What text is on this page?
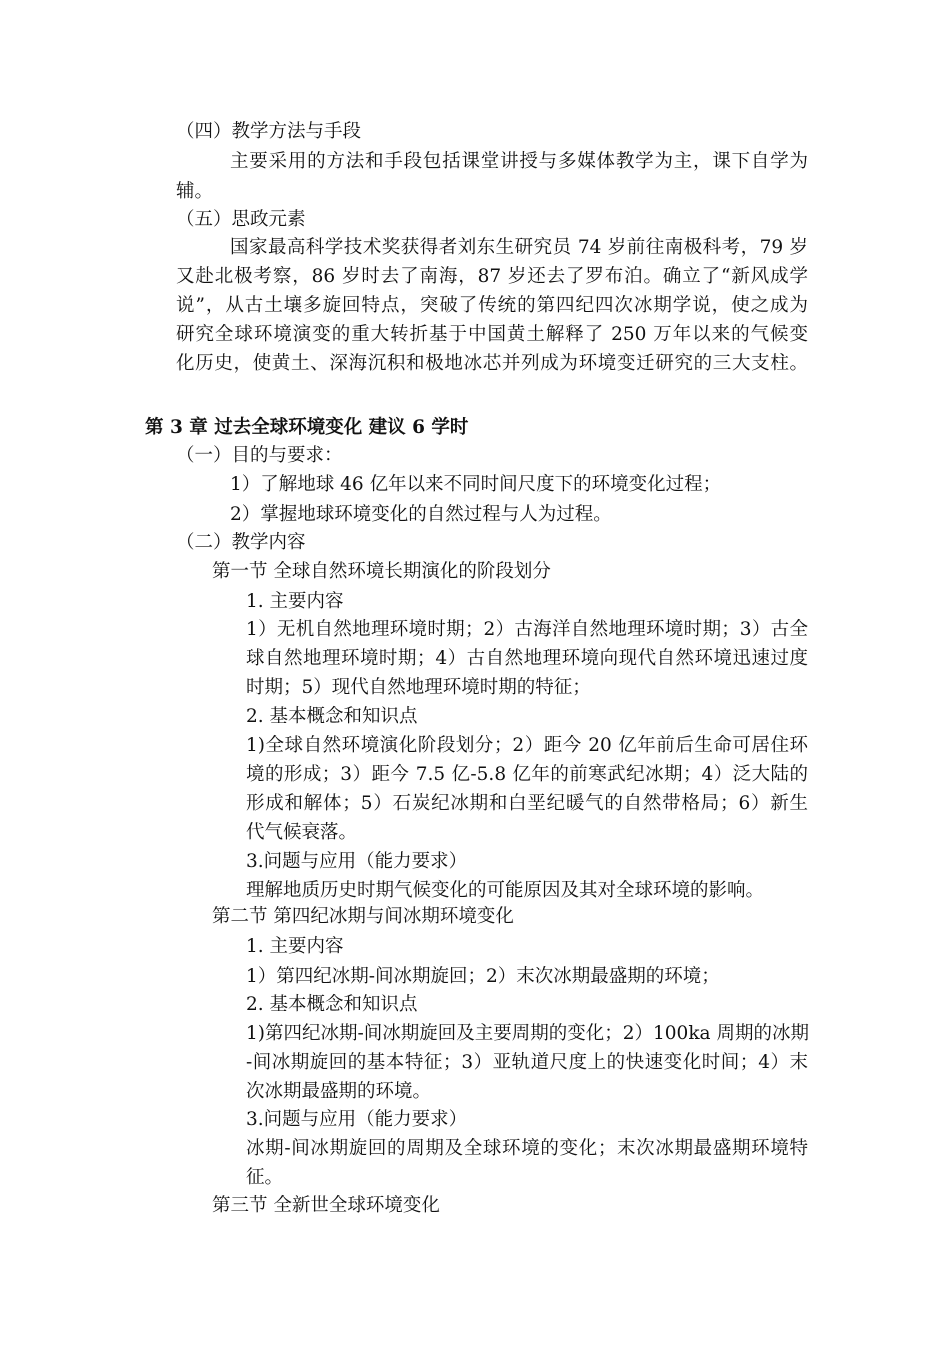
（四）教学方法与手段
主要采用的方法和手段包括课堂讲授与多媒体教学为主，课下自学为
辅。
（五）思政元素
国家最高科学技术奖获得者刘东生研究员 74 岁前往南极科考，79 岁
又赴北极考察，86 岁时去了南海，87 岁还去了罗布泊。确立了“新风成学
说”，从古土壤多旋回特点，突破了传统的第四纪四次冰期学说，使之成为
研究全球环境演变的重大转折基于中国黄土解释了 250 万年以来的气候变
化历史，使黄土、深海沉积和极地冰芯并列成为环境变迁研究的三大支柱。
第 3 章 过去全球环境变化 建议 6 学时
（一）目的与要求：
1）了解地球 46 亿年以来不同时间尺度下的环境变化过程；
2）掌握地球环境变化的自然过程与人为过程。
（二）教学内容
第一节 全球自然环境长期演化的阶段划分
1. 主要内容
1）无机自然地理环境时期；2）古海洋自然地理环境时期；3）古全
球自然地理环境时期；4）古自然地理环境向现代自然环境迅速过度
时期；5）现代自然地理环境时期的特征；
2. 基本概念和知识点
1)全球自然环境演化阶段划分；2）距今 20 亿年前后生命可居住环
境的形成；3）距今 7.5 亿-5.8 亿年的前寒武纪冰期；4）泛大陆的
形成和解体；5）石炭纪冰期和白垩纪暖气的自然带格局；6）新生
代气候衰落。
3.问题与应用（能力要求）
理解地质历史时期气候变化的可能原因及其对全球环境的影响。
第二节 第四纪冰期与间冰期环境变化
1. 主要内容
1）第四纪冰期-间冰期旋回；2）末次冰期最盛期的环境；
2. 基本概念和知识点
1)第四纪冰期-间冰期旋回及主要周期的变化；2）100ka 周期的冰期
-间冰期旋回的基本特征；3）亚轨道尺度上的快速变化时间；4）末
次冰期最盛期的环境。
3.问题与应用（能力要求）
冰期-间冰期旋回的周期及全球环境的变化；末次冰期最盛期环境特
征。
第三节 全新世全球环境变化
